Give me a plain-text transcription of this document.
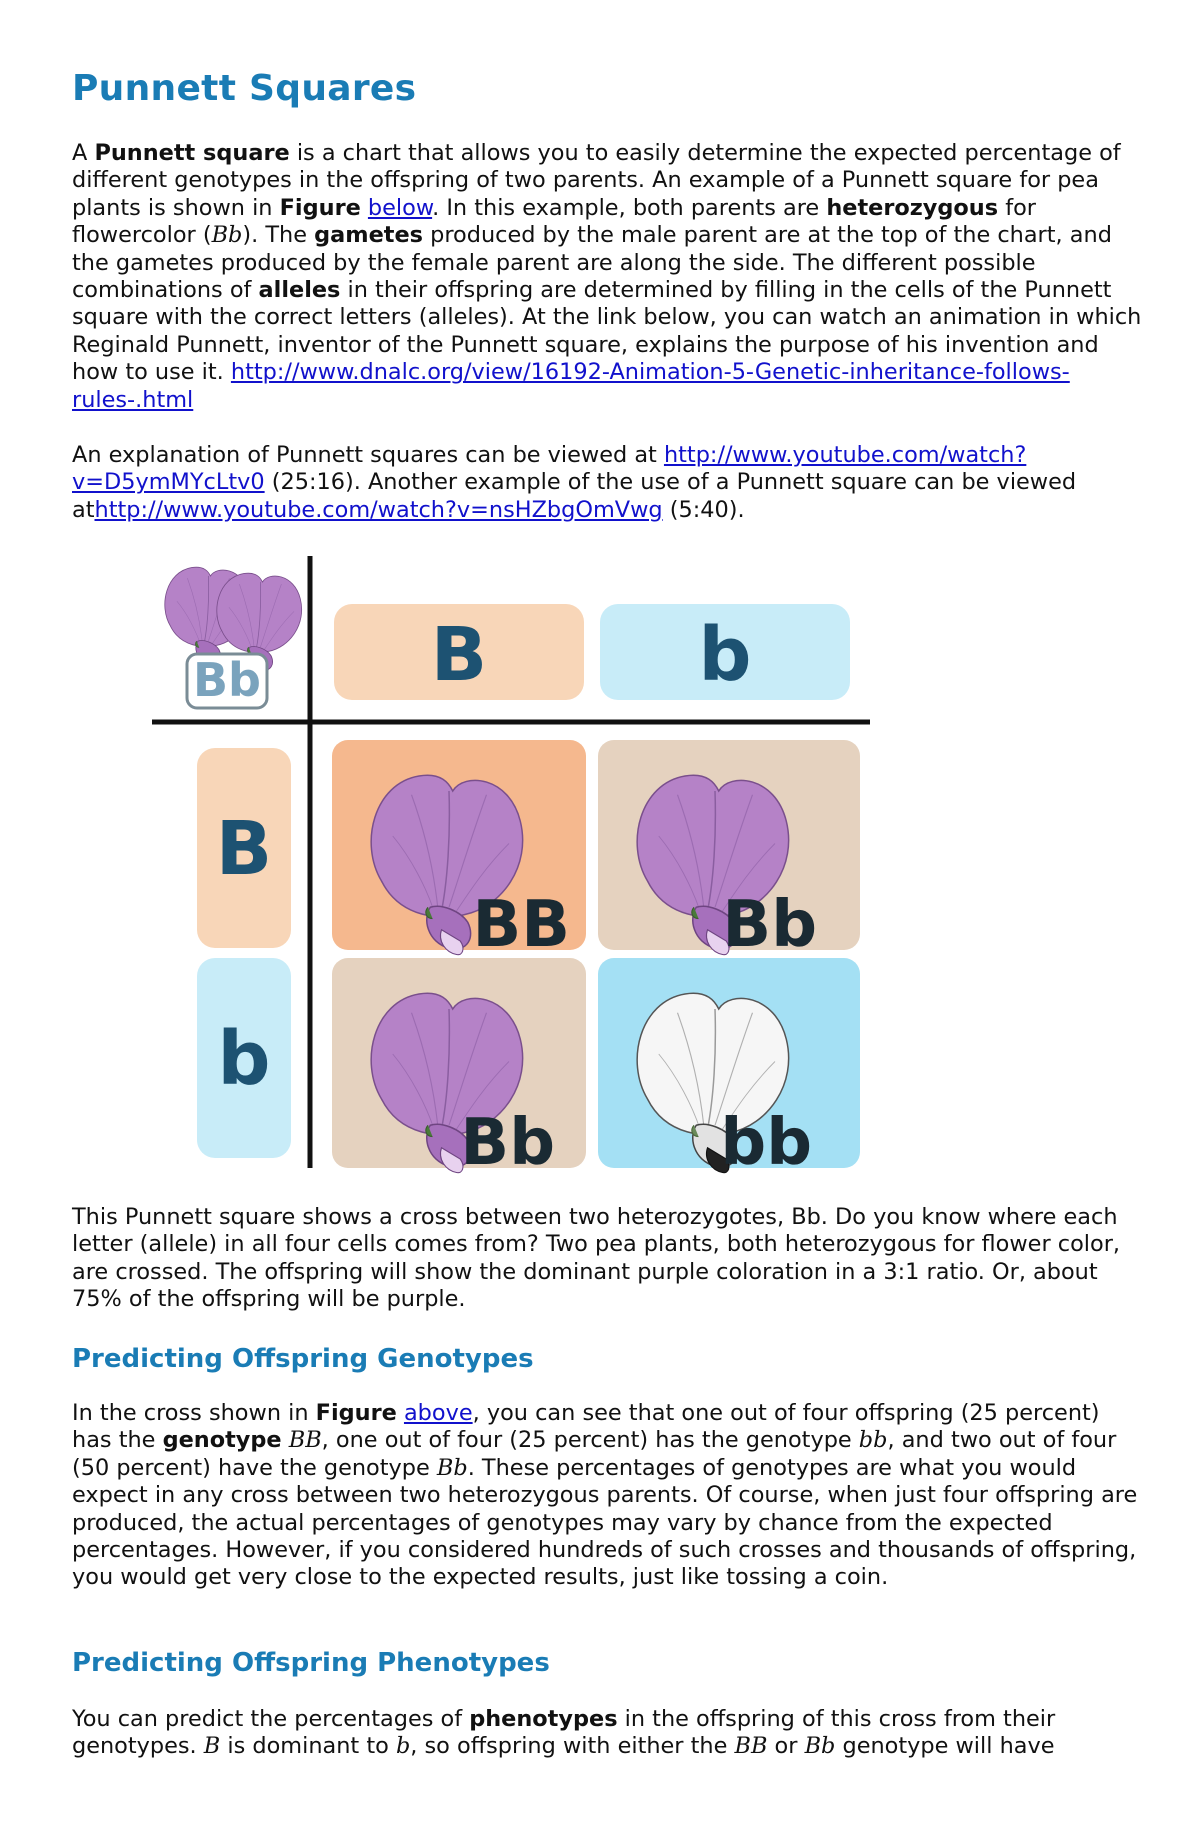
Punnett Squares

A Punnett square is a chart that allows you to easily determine the expected percentage of different genotypes in the offspring of two parents. An example of a Punnett square for pea plants is shown in Figure below. In this example, both parents are heterozygous for flowercolor (Bb). The gametes produced by the male parent are at the top of the chart, and the gametes produced by the female parent are along the side. The different possible combinations of alleles in their offspring are determined by filling in the cells of the Punnett square with the correct letters (alleles). At the link below, you can watch an animation in which Reginald Punnett, inventor of the Punnett square, explains the purpose of his invention and how to use it. http://www.dnalc.org/view/16192-Animation-5-Genetic-inheritance-follows-rules-.html

An explanation of Punnett squares can be viewed at http://www.youtube.com/watch?v=D5ymMYcLtv0 (25:16). Another example of the use of a Punnett square can be viewed athttp://www.youtube.com/watch?v=nsHZbgOmVwg (5:40).

Bb B	b
B
b
BB Bb
Bb	bb

This Punnett square shows a cross between two heterozygotes, Bb. Do you know where each letter (allele) in all four cells comes from? Two pea plants, both heterozygous for flower color, are crossed. The offspring will show the dominant purple coloration in a 3:1 ratio. Or, about 75% of the offspring will be purple.

Predicting Offspring Genotypes

In the cross shown in Figure above, you can see that one out of four offspring (25 percent) has the genotype BB, one out of four (25 percent) has the genotype bb, and two out of four (50 percent) have the genotype Bb. These percentages of genotypes are what you would expect in any cross between two heterozygous parents. Of course, when just four offspring are produced, the actual percentages of genotypes may vary by chance from the expected percentages. However, if you considered hundreds of such crosses and thousands of offspring, you would get very close to the expected results, just like tossing a coin.

Predicting Offspring Phenotypes

You can predict the percentages of phenotypes in the offspring of this cross from their genotypes. B is dominant to b, so offspring with either the BB or Bb genotype will have
